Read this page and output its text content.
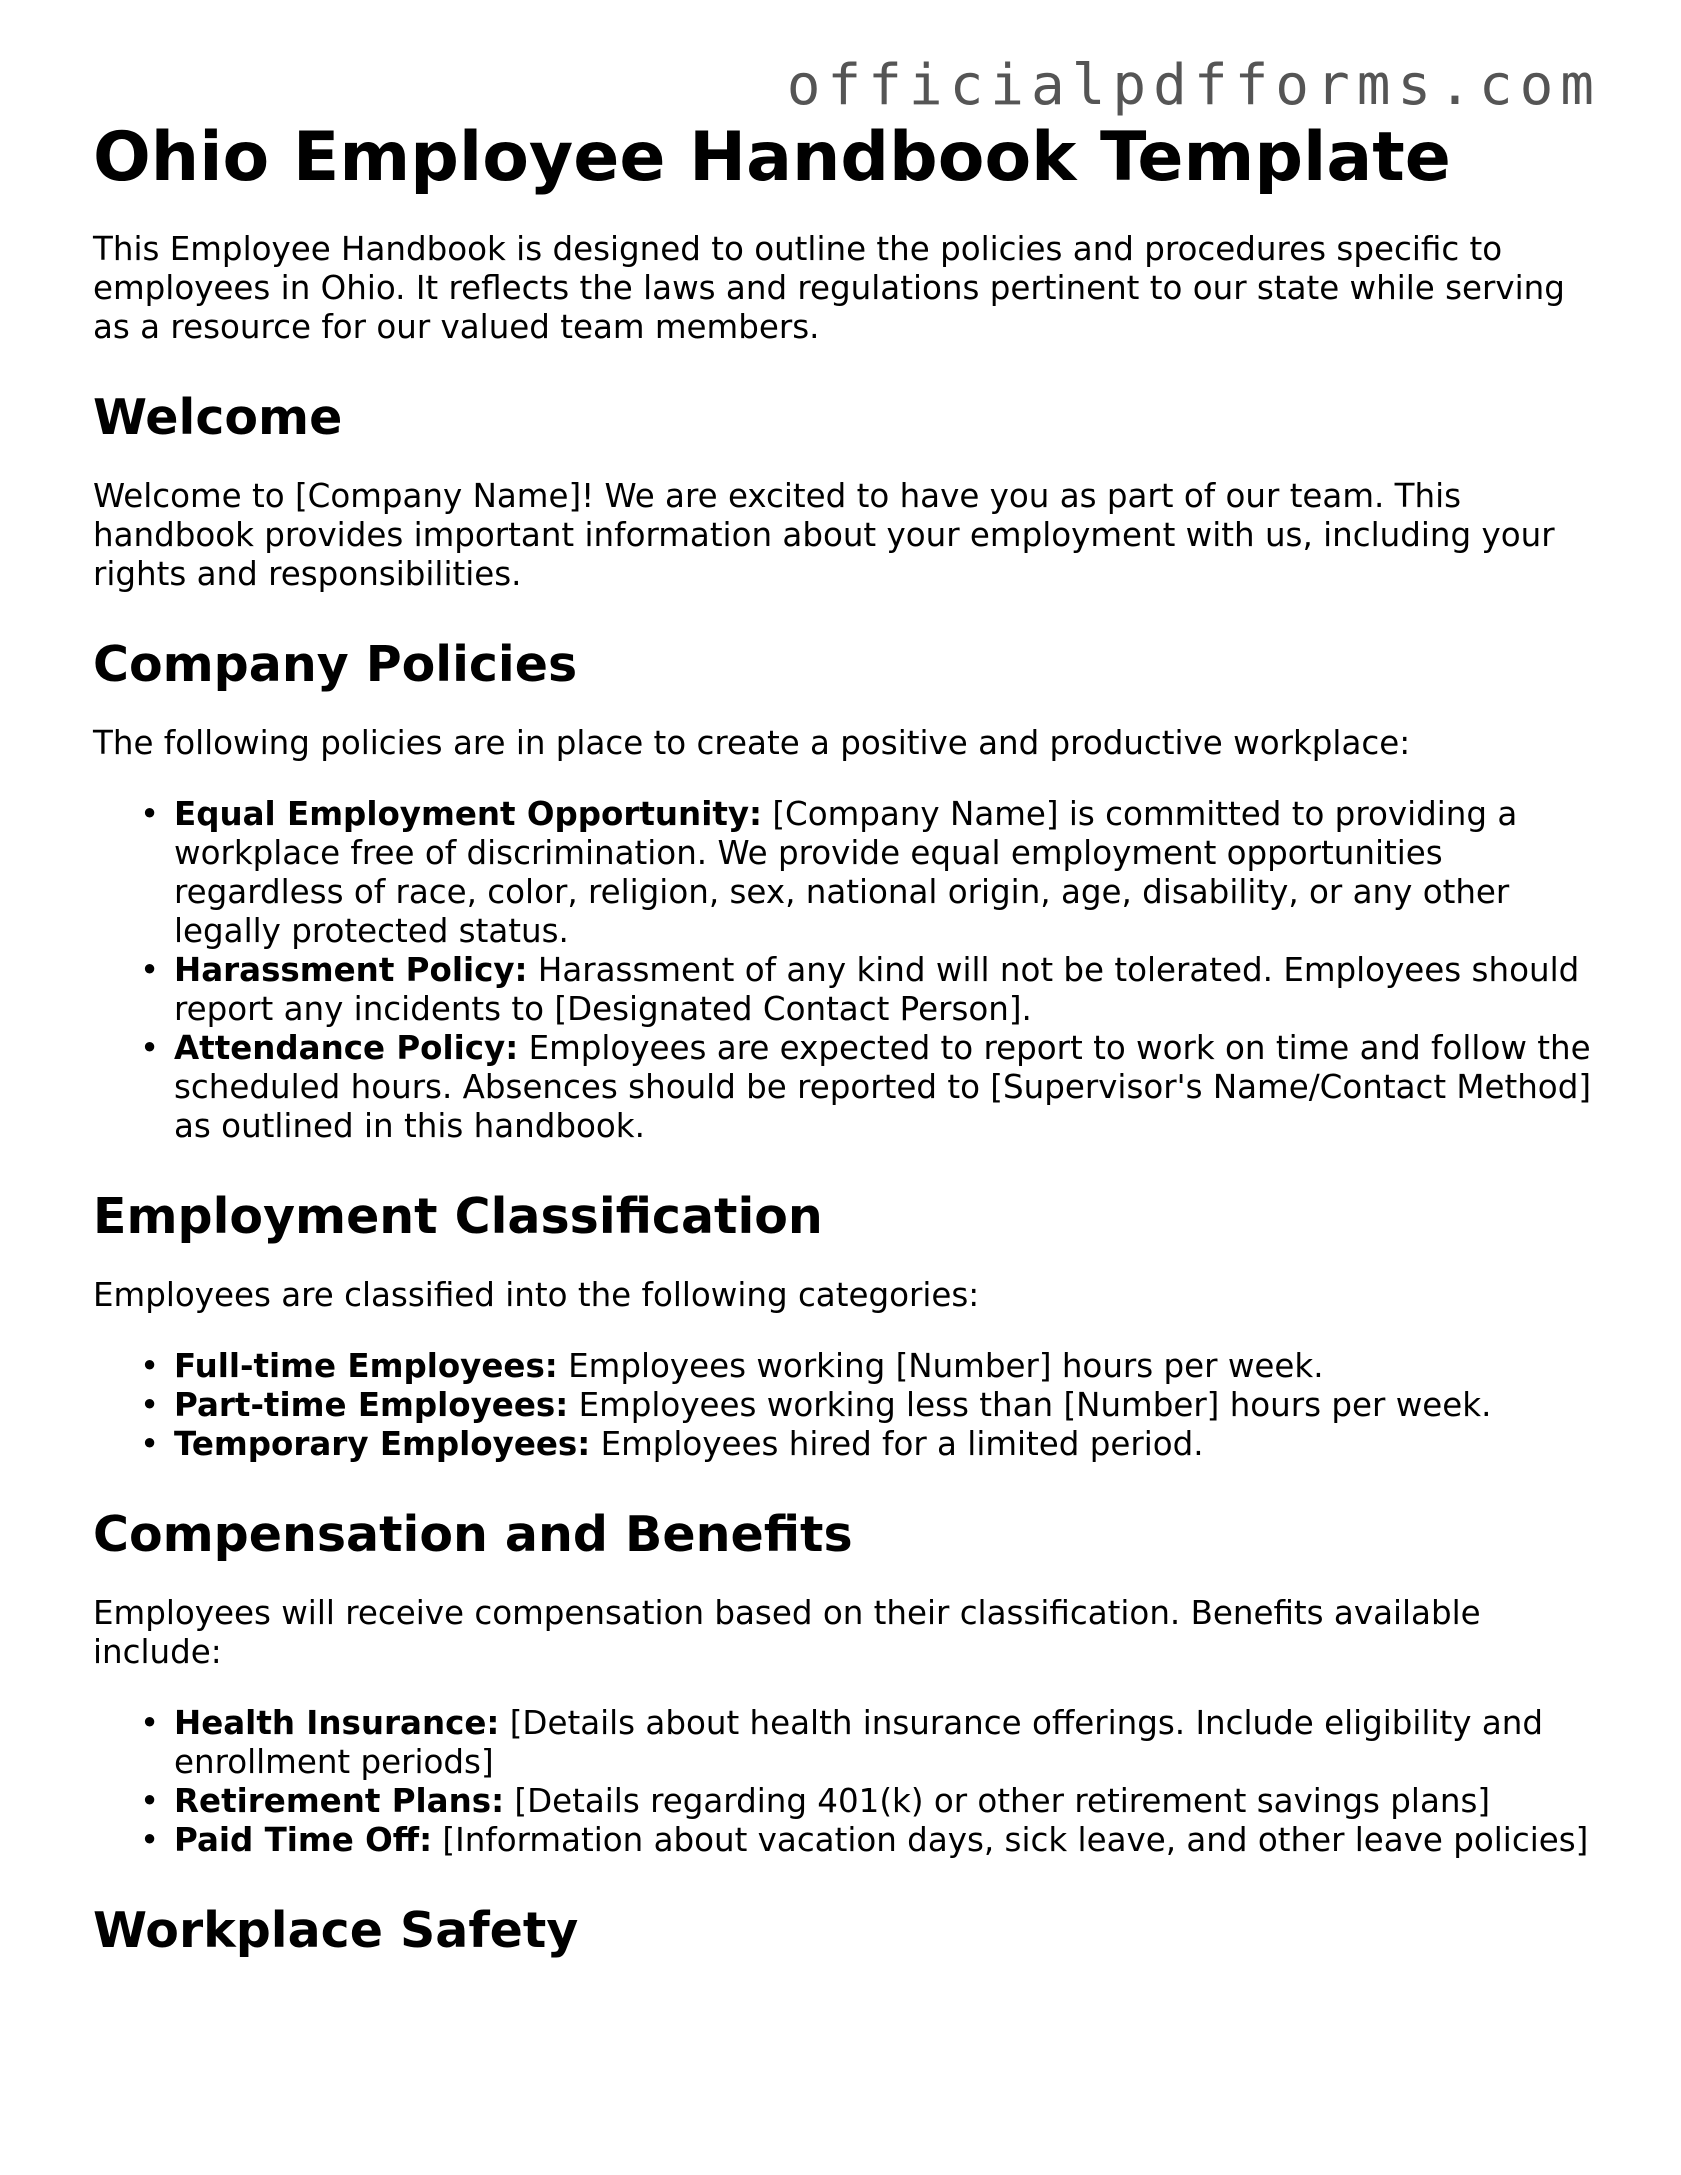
officialpdfforms.com
Ohio Employee Handbook Template

This Employee Handbook is designed to outline the policies and procedures specific to employees in Ohio. It reflects the laws and regulations pertinent to our state while serving as a resource for our valued team members.

Welcome

Welcome to [Company Name]! We are excited to have you as part of our team. This handbook provides important information about your employment with us, including your rights and responsibilities.

Company Policies

The following policies are in place to create a positive and productive workplace:

• Equal Employment Opportunity: [Company Name] is committed to providing a workplace free of discrimination. We provide equal employment opportunities regardless of race, color, religion, sex, national origin, age, disability, or any other legally protected status.
• Harassment Policy: Harassment of any kind will not be tolerated. Employees should report any incidents to [Designated Contact Person].
• Attendance Policy: Employees are expected to report to work on time and follow the scheduled hours. Absences should be reported to [Supervisor's Name/Contact Method] as outlined in this handbook.
Employment Classification

Employees are classified into the following categories:

• Full-time Employees: Employees working [Number] hours per week.
• Part-time Employees: Employees working less than [Number] hours per week.
• Temporary Employees: Employees hired for a limited period.
Compensation and Benefits

Employees will receive compensation based on their classification. Benefits available include:

• Health Insurance: [Details about health insurance offerings. Include eligibility and enrollment periods]
• Retirement Plans: [Details regarding 401(k) or other retirement savings plans]
• Paid Time Off: [Information about vacation days, sick leave, and other leave policies]
Workplace Safety
